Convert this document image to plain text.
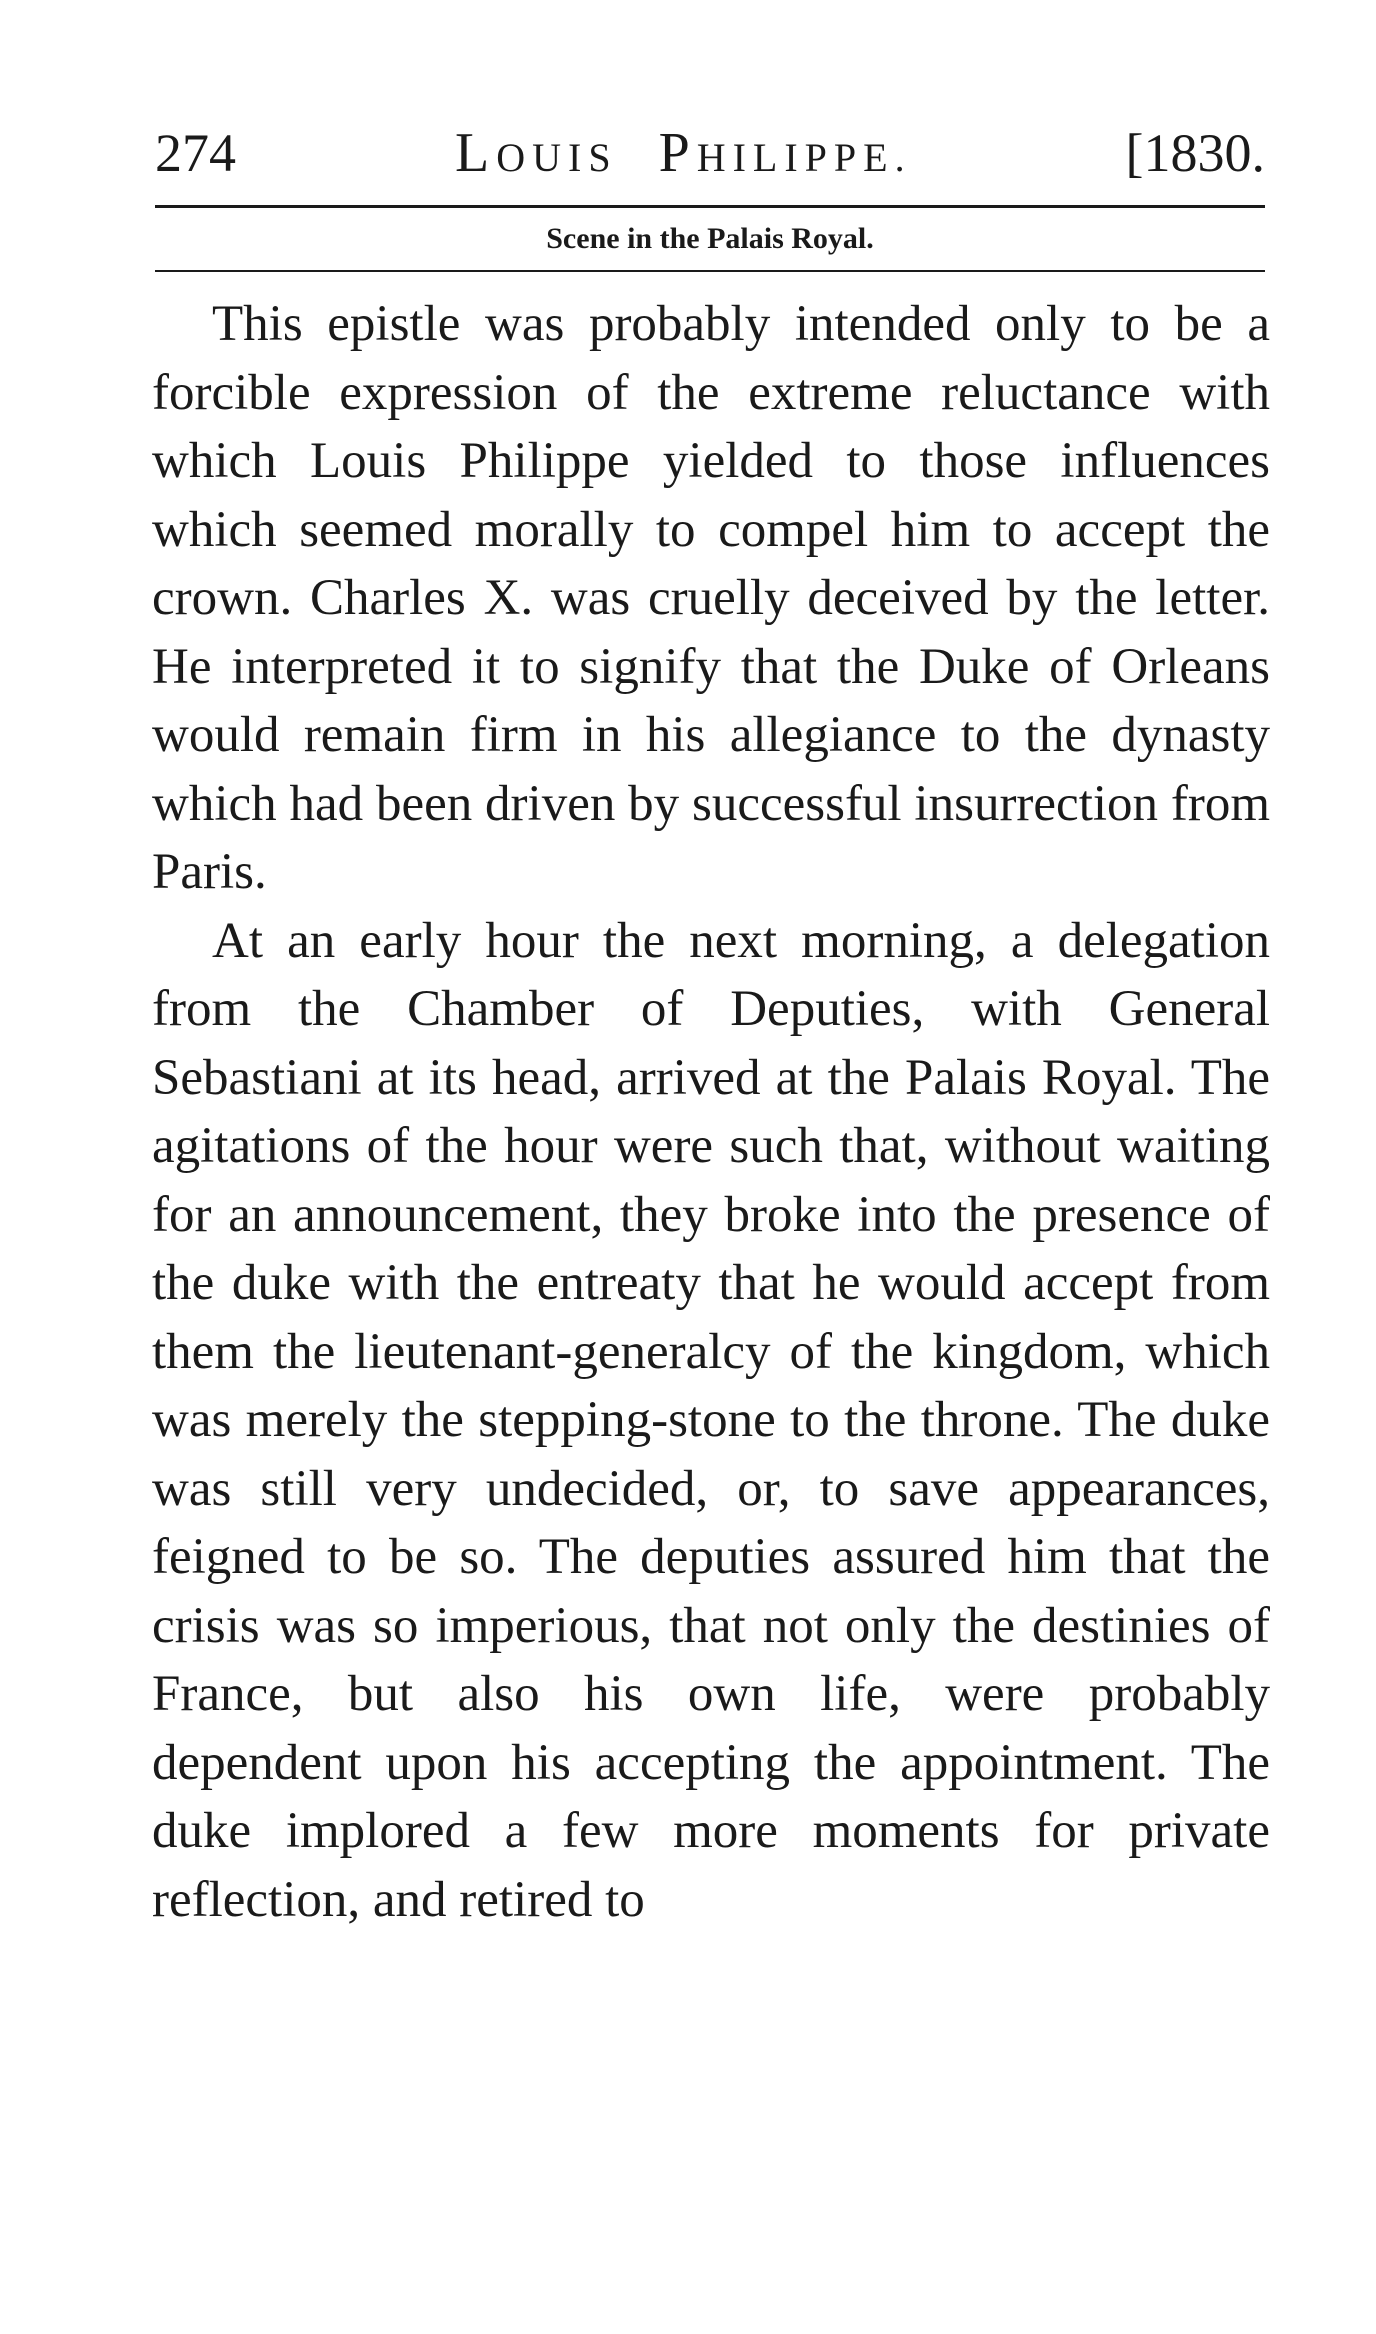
274	LOUIS PHILIPPE.	[1830.
Scene in the Palais Royal.

This epistle was probably intended only to be a forcible expression of the extreme reluctance with which Louis Philippe yielded to those influences which seemed morally to compel him to accept the crown. Charles X. was cruelly deceived by the letter. He interpreted it to signify that the Duke of Orleans would remain firm in his allegiance to the dynasty which had been driven by successful insurrection from Paris.

At an early hour the next morning, a delegation from the Chamber of Deputies, with General Sebastiani at its head, arrived at the Palais Royal. The agitations of the hour were such that, without waiting for an announcement, they broke into the presence of the duke with the entreaty that he would accept from them the lieutenant-generalcy of the kingdom, which was merely the stepping-stone to the throne. The duke was still very undecided, or, to save appearances, feigned to be so. The deputies assured him that the crisis was so imperious, that not only the destinies of France, but also his own life, were probably dependent upon his accepting the appointment. The duke implored a few more moments for private reflection, and retired to
